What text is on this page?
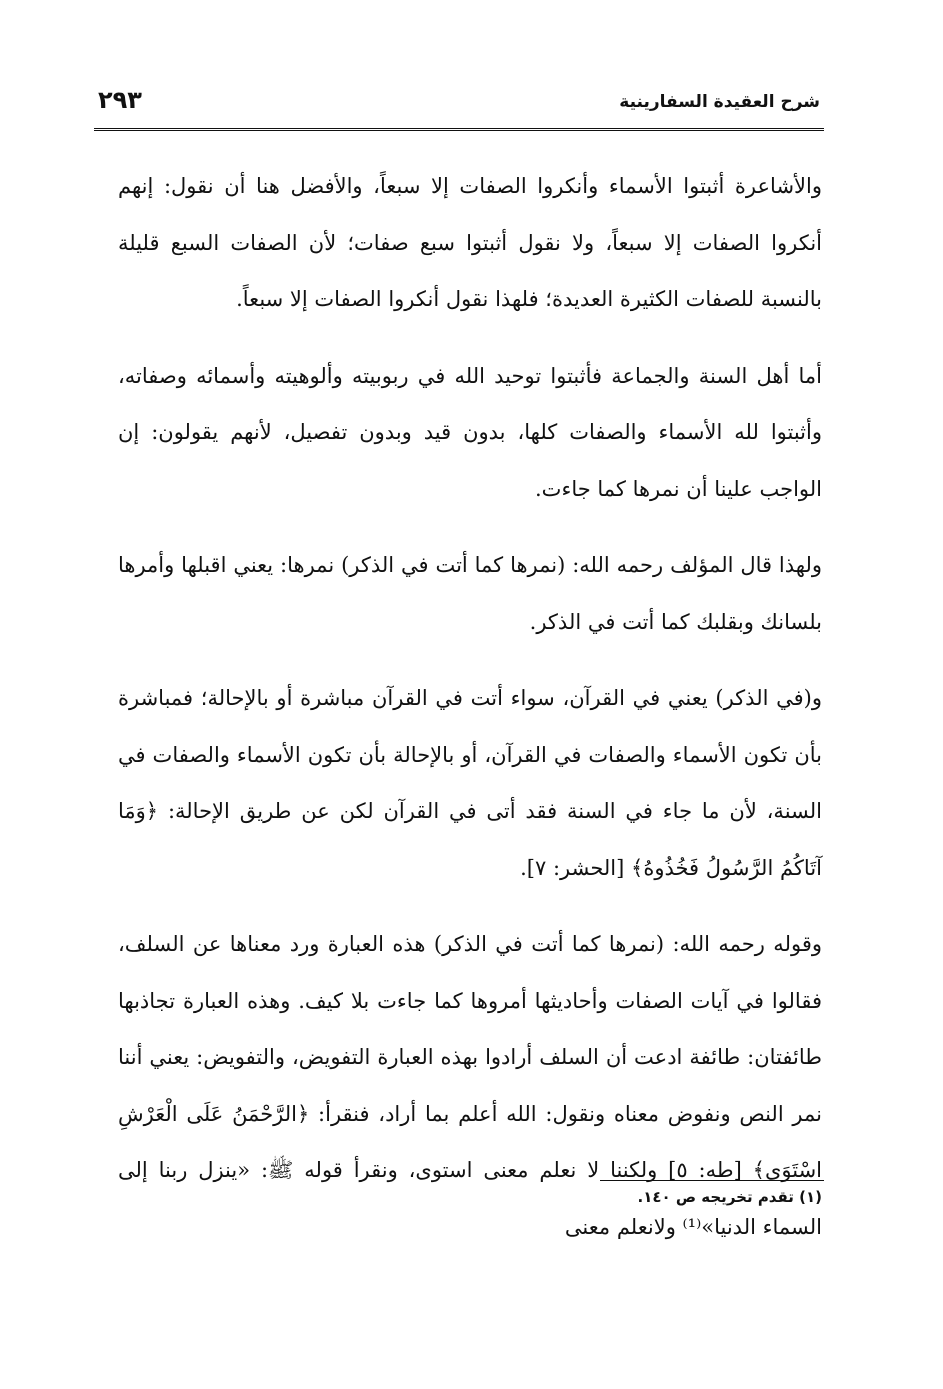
شرح العقيدة السفارينية
٢٩٣

والأشاعرة أثبتوا الأسماء وأنكروا الصفات إلا سبعاً، والأفضل هنا أن نقول: إنهم أنكروا الصفات إلا سبعاً، ولا نقول أثبتوا سبع صفات؛ لأن الصفات السبع قليلة بالنسبة للصفات الكثيرة العديدة؛ فلهذا نقول أنكروا الصفات إلا سبعاً.

أما أهل السنة والجماعة فأثبتوا توحيد الله في ربوبيته وألوهيته وأسمائه وصفاته، وأثبتوا لله الأسماء والصفات كلها، بدون قيد وبدون تفصيل، لأنهم يقولون: إن الواجب علينا أن نمرها كما جاءت.

ولهذا قال المؤلف رحمه الله: (نمرها كما أتت في الذكر) نمرها: يعني اقبلها وأمرها بلسانك وبقلبك كما أتت في الذكر.

و(في الذكر) يعني في القرآن، سواء أتت في القرآن مباشرة أو بالإحالة؛ فمباشرة بأن تكون الأسماء والصفات في القرآن، أو بالإحالة بأن تكون الأسماء والصفات في السنة، لأن ما جاء في السنة فقد أتى في القرآن لكن عن طريق الإحالة: ﴿وَمَا آتَاكُمُ الرَّسُولُ فَخُذُوهُ﴾ [الحشر: ٧].

وقوله رحمه الله: (نمرها كما أتت في الذكر) هذه العبارة ورد معناها عن السلف، فقالوا في آيات الصفات وأحاديثها أمروها كما جاءت بلا كيف. وهذه العبارة تجاذبها طائفتان: طائفة ادعت أن السلف أرادوا بهذه العبارة التفويض، والتفويض: يعني أننا نمر النص ونفوض معناه ونقول: الله أعلم بما أراد، فنقرأ: ﴿الرَّحْمَنُ عَلَى الْعَرْشِ اسْتَوَى﴾ [طه: ٥] ولكننا لا نعلم معنى استوى، ونقرأ قوله ﷺ: «ينزل ربنا إلى السماء الدنيا»⁽¹⁾ ولانعلم معنى

(١) تقدم تخريجه ص ١٤٠.
